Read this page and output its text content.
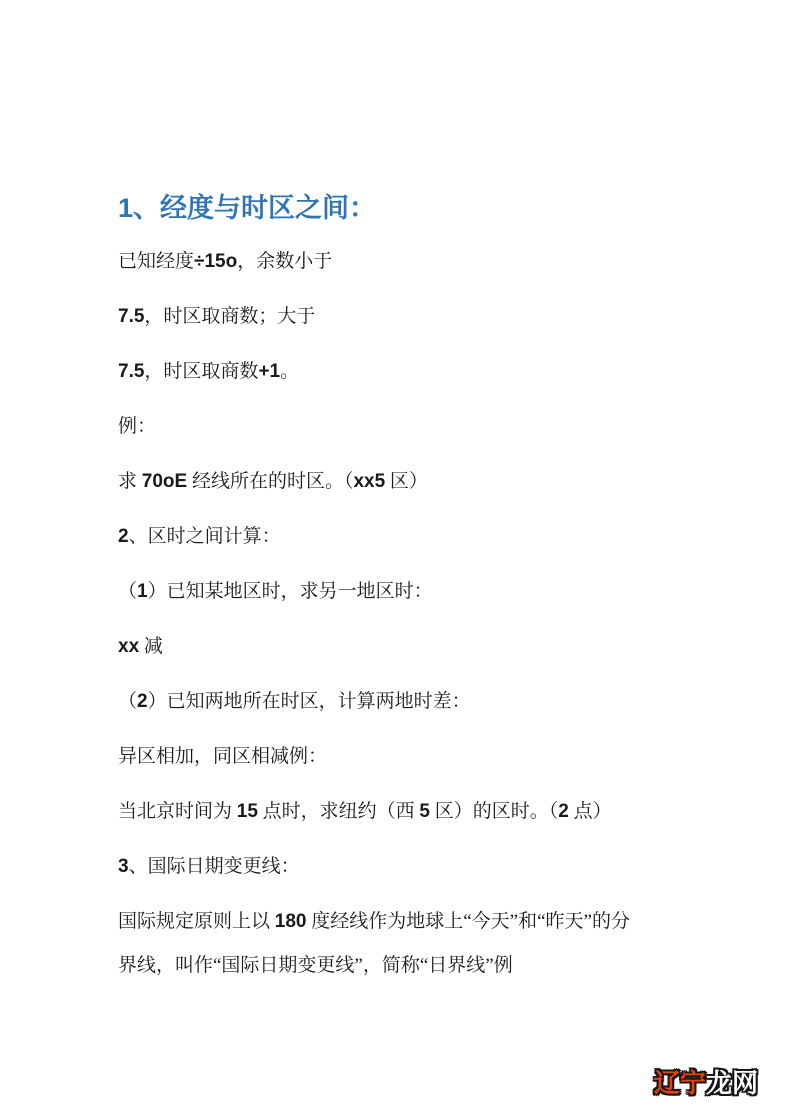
1、经度与时区之间：

已知经度÷15o，余数小于

7.5，时区取商数；大于

7.5，时区取商数+1。

例：

求 70oE 经线所在的时区。（xx5 区）

2、区时之间计算：

（1）已知某地区时，求另一地区时：

xx 减

（2）已知两地所在时区，计算两地时差：

异区相加，同区相减例：

当北京时间为 15 点时，求纽约（西 5 区）的区时。（2 点）

3、国际日期变更线：

国际规定原则上以 180 度经线作为地球上“今天”和“昨天”的分
界线，叫作“国际日期变更线”，简称“日界线”例

辽宁龙网
